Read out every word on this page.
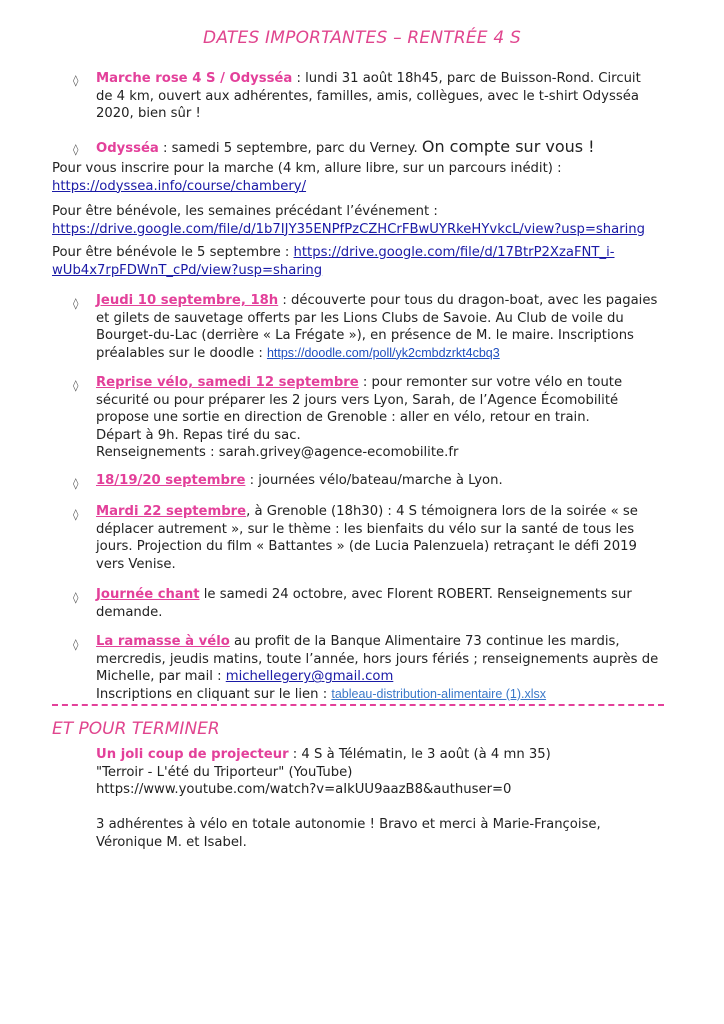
DATES IMPORTANTES – RENTRÉE 4 S
◊ Marche rose 4 S / Odysséa : lundi 31 août 18h45, parc de Buisson-Rond. Circuit
de 4 km, ouvert aux adhérentes, familles, amis, collègues, avec le t-shirt Odysséa
2020, bien sûr !
◊ Odysséa : samedi 5 septembre, parc du Verney. On compte sur vous !
Pour vous inscrire pour la marche (4 km, allure libre, sur un parcours inédit) :
https://odyssea.info/course/chambery/
Pour être bénévole, les semaines précédant l’événement :
https://drive.google.com/file/d/1b7IJY35ENPfPzCZHCrFBwUYRkeHYvkcL/view?usp=sharing
Pour être bénévole le 5 septembre : https://drive.google.com/file/d/17BtrP2XzaFNT_i-
wUb4x7rpFDWnT_cPd/view?usp=sharing
◊ Jeudi 10 septembre, 18h : découverte pour tous du dragon-boat, avec les pagaies
et gilets de sauvetage offerts par les Lions Clubs de Savoie. Au Club de voile du
Bourget-du-Lac (derrière « La Frégate »), en présence de M. le maire. Inscriptions
préalables sur le doodle : https://doodle.com/poll/yk2cmbdzrkt4cbq3
◊ Reprise vélo, samedi 12 septembre : pour remonter sur votre vélo en toute
sécurité ou pour préparer les 2 jours vers Lyon, Sarah, de l’Agence Écomobilité
propose une sortie en direction de Grenoble : aller en vélo, retour en train.
Départ à 9h. Repas tiré du sac.
Renseignements : sarah.grivey@agence-ecomobilite.fr
◊ 18/19/20 septembre : journées vélo/bateau/marche à Lyon.
◊ Mardi 22 septembre, à Grenoble (18h30) : 4 S témoignera lors de la soirée « se
déplacer autrement », sur le thème : les bienfaits du vélo sur la santé de tous les
jours. Projection du film « Battantes » (de Lucia Palenzuela) retraçant le défi 2019
vers Venise.
◊ Journée chant le samedi 24 octobre, avec Florent ROBERT. Renseignements sur
demande.
◊ La ramasse à vélo au profit de la Banque Alimentaire 73 continue les mardis,
mercredis, jeudis matins, toute l’année, hors jours fériés ; renseignements auprès de
Michelle, par mail : michellegery@gmail.com
Inscriptions en cliquant sur le lien : tableau-distribution-alimentaire (1).xlsx
ET POUR TERMINER
Un joli coup de projecteur : 4 S à Télématin, le 3 août (à 4 mn 35)
"Terroir - L'été du Triporteur" (YouTube)
https://www.youtube.com/watch?v=aIkUU9aazB8&authuser=0

3 adhérentes à vélo en totale autonomie ! Bravo et merci à Marie-Françoise,
Véronique M. et Isabel.
